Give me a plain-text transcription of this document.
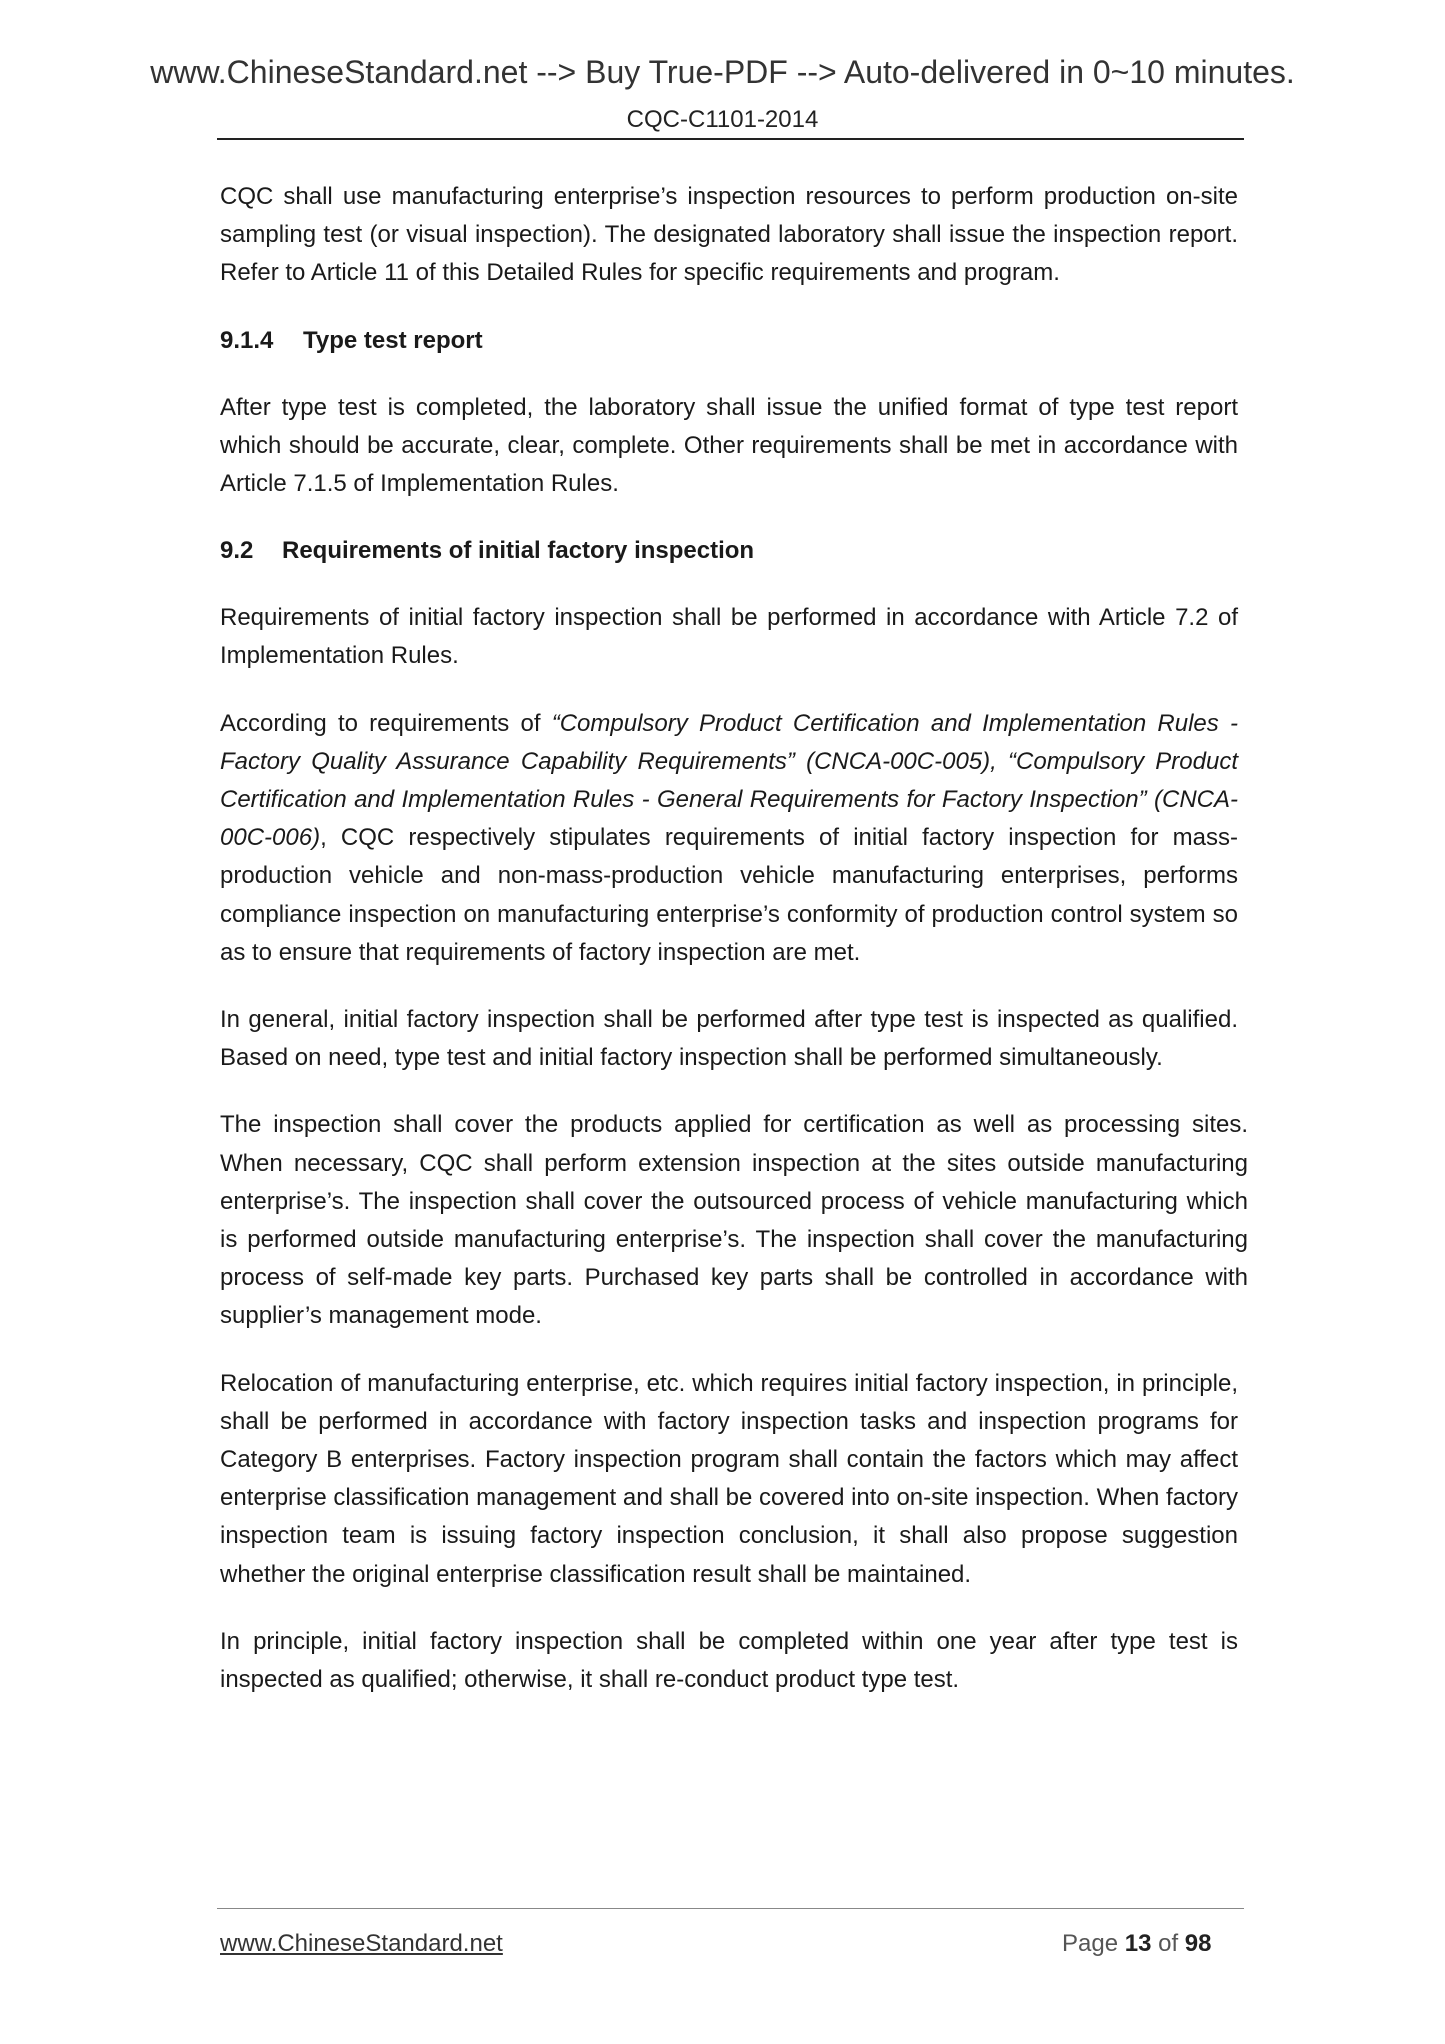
www.ChineseStandard.net --> Buy True-PDF --> Auto-delivered in 0~10 minutes.
CQC-C1101-2014

CQC shall use manufacturing enterprise’s inspection resources to perform production on-site sampling test (or visual inspection). The designated laboratory shall issue the inspection report. Refer to Article 11 of this Detailed Rules for specific requirements and program.

9.1.4 Type test report

After type test is completed, the laboratory shall issue the unified format of type test report which should be accurate, clear, complete. Other requirements shall be met in accordance with Article 7.1.5 of Implementation Rules.

9.2 Requirements of initial factory inspection

Requirements of initial factory inspection shall be performed in accordance with Article 7.2 of Implementation Rules.

According to requirements of “Compulsory Product Certification and Implementation Rules - Factory Quality Assurance Capability Requirements” (CNCA-00C-005), “Compulsory Product Certification and Implementation Rules - General Requirements for Factory Inspection” (CNCA-00C-006), CQC respectively stipulates requirements of initial factory inspection for mass-production vehicle and non-mass-production vehicle manufacturing enterprises, performs compliance inspection on manufacturing enterprise’s conformity of production control system so as to ensure that requirements of factory inspection are met.

In general, initial factory inspection shall be performed after type test is inspected as qualified. Based on need, type test and initial factory inspection shall be performed simultaneously.

The inspection shall cover the products applied for certification as well as processing sites. When necessary, CQC shall perform extension inspection at the sites outside manufacturing enterprise’s. The inspection shall cover the outsourced process of vehicle manufacturing which is performed outside manufacturing enterprise’s. The inspection shall cover the manufacturing process of self-made key parts. Purchased key parts shall be controlled in accordance with supplier’s management mode.

Relocation of manufacturing enterprise, etc. which requires initial factory inspection, in principle, shall be performed in accordance with factory inspection tasks and inspection programs for Category B enterprises. Factory inspection program shall contain the factors which may affect enterprise classification management and shall be covered into on-site inspection. When factory inspection team is issuing factory inspection conclusion, it shall also propose suggestion whether the original enterprise classification result shall be maintained.

In principle, initial factory inspection shall be completed within one year after type test is inspected as qualified; otherwise, it shall re-conduct product type test.

www.ChineseStandard.net	Page 13 of 98
